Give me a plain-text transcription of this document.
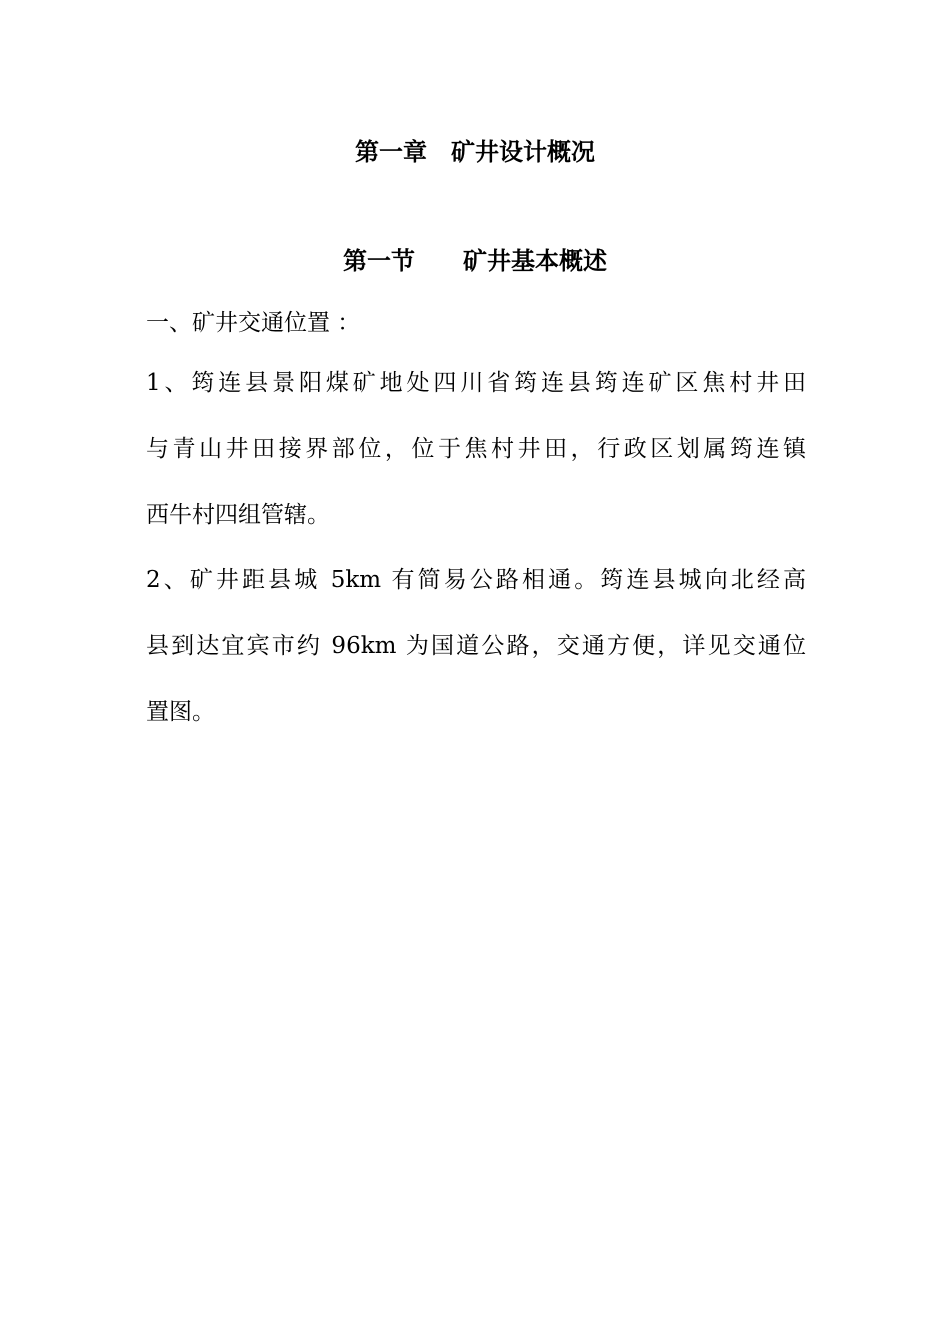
第一章　矿井设计概况
第一节　　矿井基本概述
一、矿井交通位置 ：
1、筠连县景阳煤矿地处四川省筠连县筠连矿区焦村井田
与青山井田接界部位，位于焦村井田，行政区划属筠连镇
西牛村四组管辖。
2、矿井距县城 5km 有简易公路相通。筠连县城向北经高
县到达宜宾市约 96km 为国道公路，交通方便，详见交通位
置图。
